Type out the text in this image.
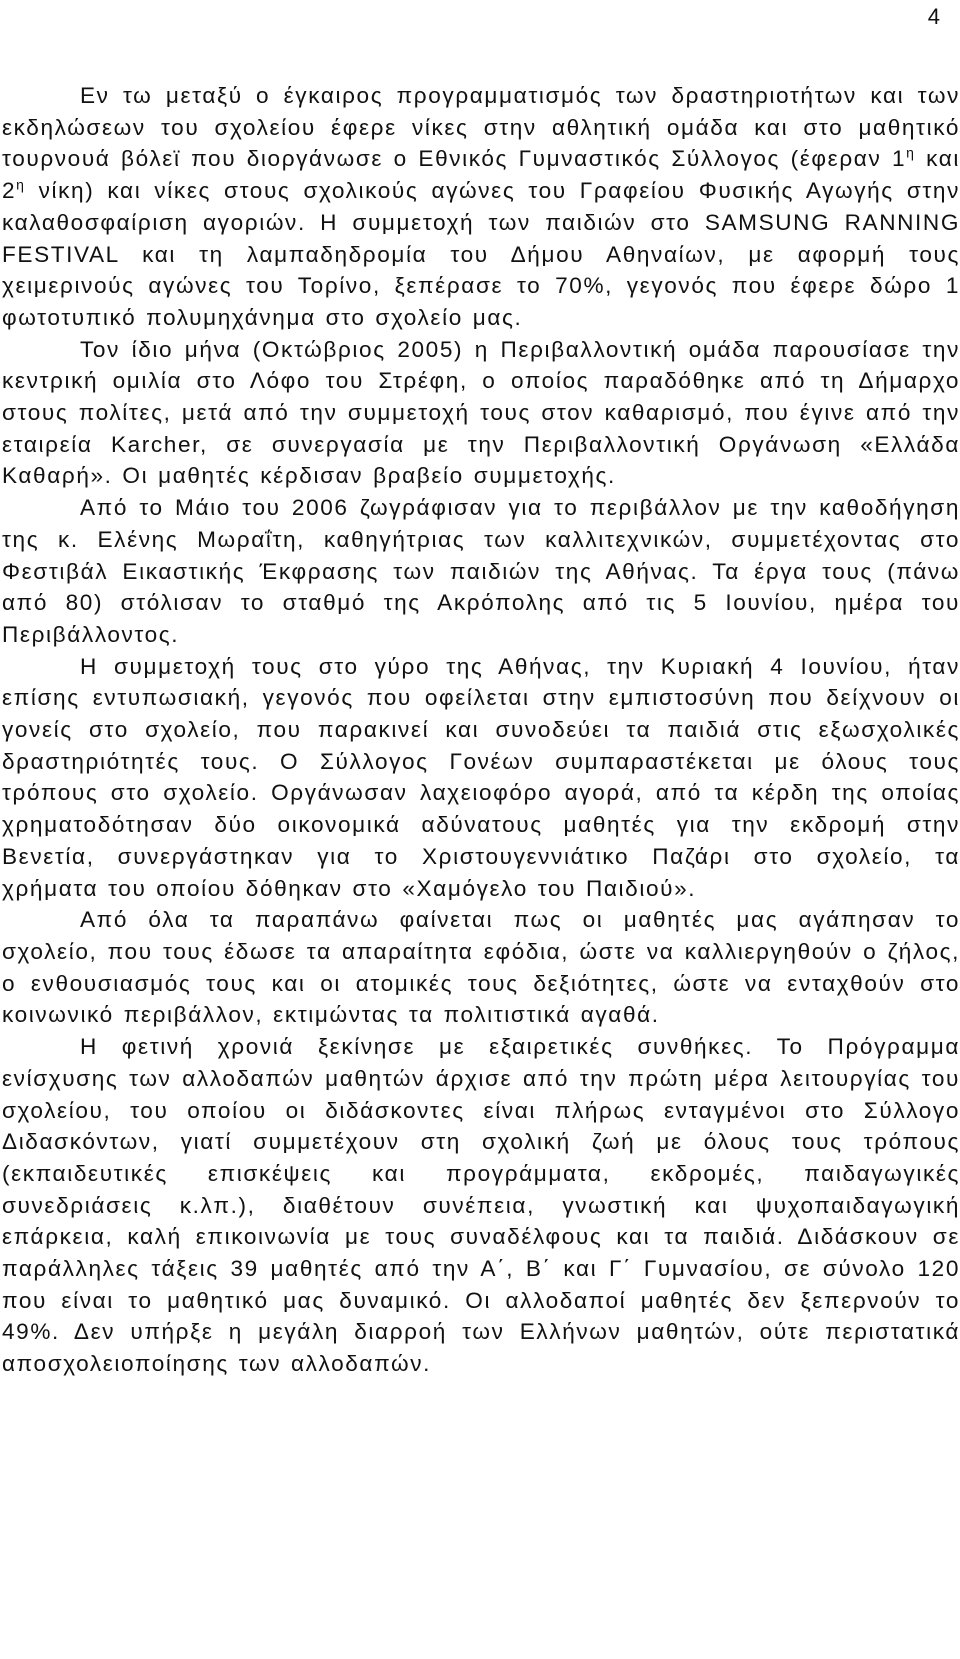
4

Εν τω μεταξύ ο έγκαιρος προγραμματισμός των δραστηριοτήτων και των εκδηλώσεων του σχολείου έφερε νίκες στην αθλητική ομάδα και στο μαθητικό τουρνουά βόλεϊ που διοργάνωσε ο Εθνικός Γυμναστικός Σύλλογος (έφεραν $1^\eta$ και $2^\eta$ νίκη) και νίκες στους σχολικούς αγώνες του Γραφείου Φυσικής Αγωγής στην καλαθοσφαίριση αγοριών. Η συμμετοχή των παιδιών στο SAMSUNG RANNING FESTIVAL και τη λαμπαδηδρομία του Δήμου Αθηναίων, με αφορμή τους χειμερινούς αγώνες του Τορίνο, ξεπέρασε το 70%, γεγονός που έφερε δώρο 1 φωτοτυπικό πολυμηχάνημα στο σχολείο μας.

Τον ίδιο μήνα (Οκτώβριος 2005) η Περιβαλλοντική ομάδα παρουσίασε την κεντρική ομιλία στο Λόφο του Στρέφη, ο οποίος παραδόθηκε από τη Δήμαρχο στους πολίτες, μετά από την συμμετοχή τους στον καθαρισμό, που έγινε από την εταιρεία Karcher, σε συνεργασία με την Περιβαλλοντική Οργάνωση «Ελλάδα Καθαρή». Οι μαθητές κέρδισαν βραβείο συμμετοχής.

Από το Μάιο του 2006 ζωγράφισαν για το περιβάλλον με την καθοδήγηση της κ. Ελένης Μωραΐτη, καθηγήτριας των καλλιτεχνικών, συμμετέχοντας στο Φεστιβάλ Εικαστικής Έκφρασης των παιδιών της Αθήνας. Τα έργα τους (πάνω από 80) στόλισαν το σταθμό της Ακρόπολης από τις 5 Ιουνίου, ημέρα του Περιβάλλοντος.

Η συμμετοχή τους στο γύρο της Αθήνας, την Κυριακή 4 Ιουνίου, ήταν επίσης εντυπωσιακή, γεγονός που οφείλεται στην εμπιστοσύνη που δείχνουν οι γονείς στο σχολείο, που παρακινεί και συνοδεύει τα παιδιά στις εξωσχολικές δραστηριότητές τους. Ο Σύλλογος Γονέων συμπαραστέκεται με όλους τους τρόπους στο σχολείο. Οργάνωσαν λαχειοφόρο αγορά, από τα κέρδη της οποίας χρηματοδότησαν δύο οικονομικά αδύνατους μαθητές για την εκδρομή στην Βενετία, συνεργάστηκαν για το Χριστουγεννιάτικο Παζάρι στο σχολείο, τα χρήματα του οποίου δόθηκαν στο «Χαμόγελο του Παιδιού».

Από όλα τα παραπάνω φαίνεται πως οι μαθητές μας αγάπησαν το σχολείο, που τους έδωσε τα απαραίτητα εφόδια, ώστε να καλλιεργηθούν ο ζήλος, ο ενθουσιασμός τους και οι ατομικές τους δεξιότητες, ώστε να ενταχθούν στο κοινωνικό περιβάλλον, εκτιμώντας τα πολιτιστικά αγαθά.

Η φετινή χρονιά ξεκίνησε με εξαιρετικές συνθήκες. Το Πρόγραμμα ενίσχυσης των αλλοδαπών μαθητών άρχισε από την πρώτη μέρα λειτουργίας του σχολείου, του οποίου οι διδάσκοντες είναι πλήρως ενταγμένοι στο Σύλλογο Διδασκόντων, γιατί συμμετέχουν στη σχολική ζωή με όλους τους τρόπους (εκπαιδευτικές επισκέψεις και προγράμματα, εκδρομές, παιδαγωγικές συνεδριάσεις κ.λπ.), διαθέτουν συνέπεια, γνωστική και ψυχοπαιδαγωγική επάρκεια, καλή επικοινωνία με τους συναδέλφους και τα παιδιά. Διδάσκουν σε παράλληλες τάξεις 39 μαθητές από την Α΄, Β΄ και Γ΄ Γυμνασίου, σε σύνολο 120 που είναι το μαθητικό μας δυναμικό. Οι αλλοδαποί μαθητές δεν ξεπερνούν το 49%. Δεν υπήρξε η μεγάλη διαρροή των Ελλήνων μαθητών, ούτε περιστατικά αποσχολειοποίησης των αλλοδαπών.
